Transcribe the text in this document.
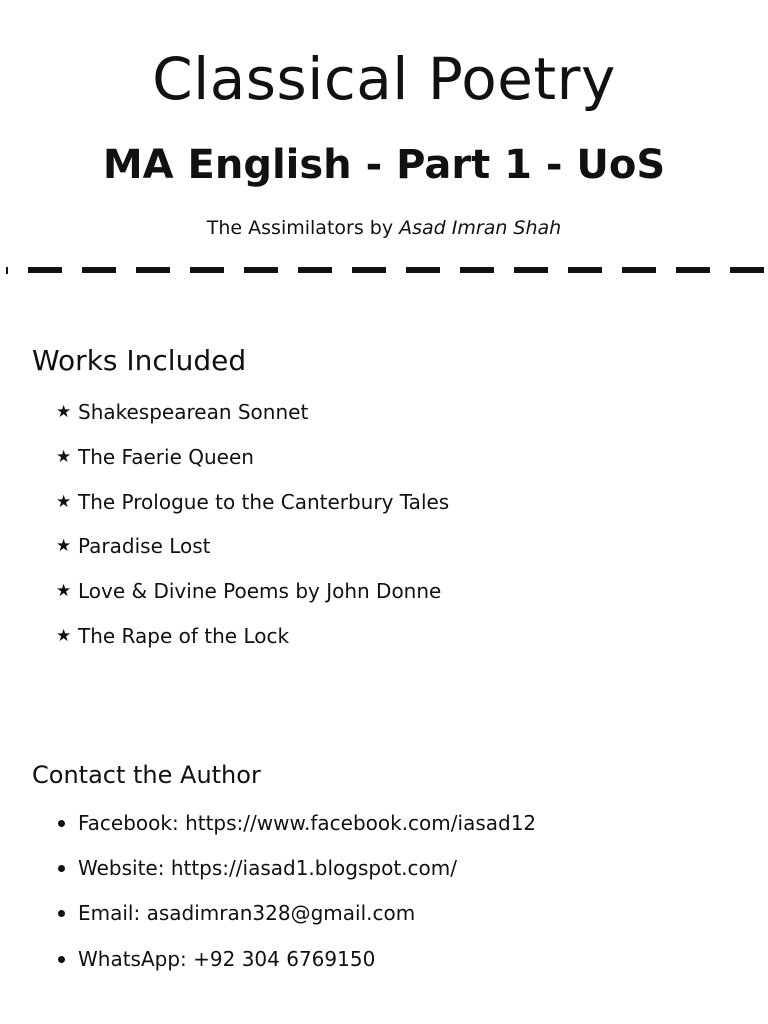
Classical Poetry
MA English - Part 1 - UoS

The Assimilators by Asad Imran Shah

Works Included
★ Shakespearean Sonnet
★ The Faerie Queen
★ The Prologue to the Canterbury Tales
★ Paradise Lost
★ Love & Divine Poems by John Donne
★ The Rape of the Lock
Contact the Author
Facebook: https://www.facebook.com/iasad12
Website: https://iasad1.blogspot.com/
Email: asadimran328@gmail.com
WhatsApp: +92 304 6769150
